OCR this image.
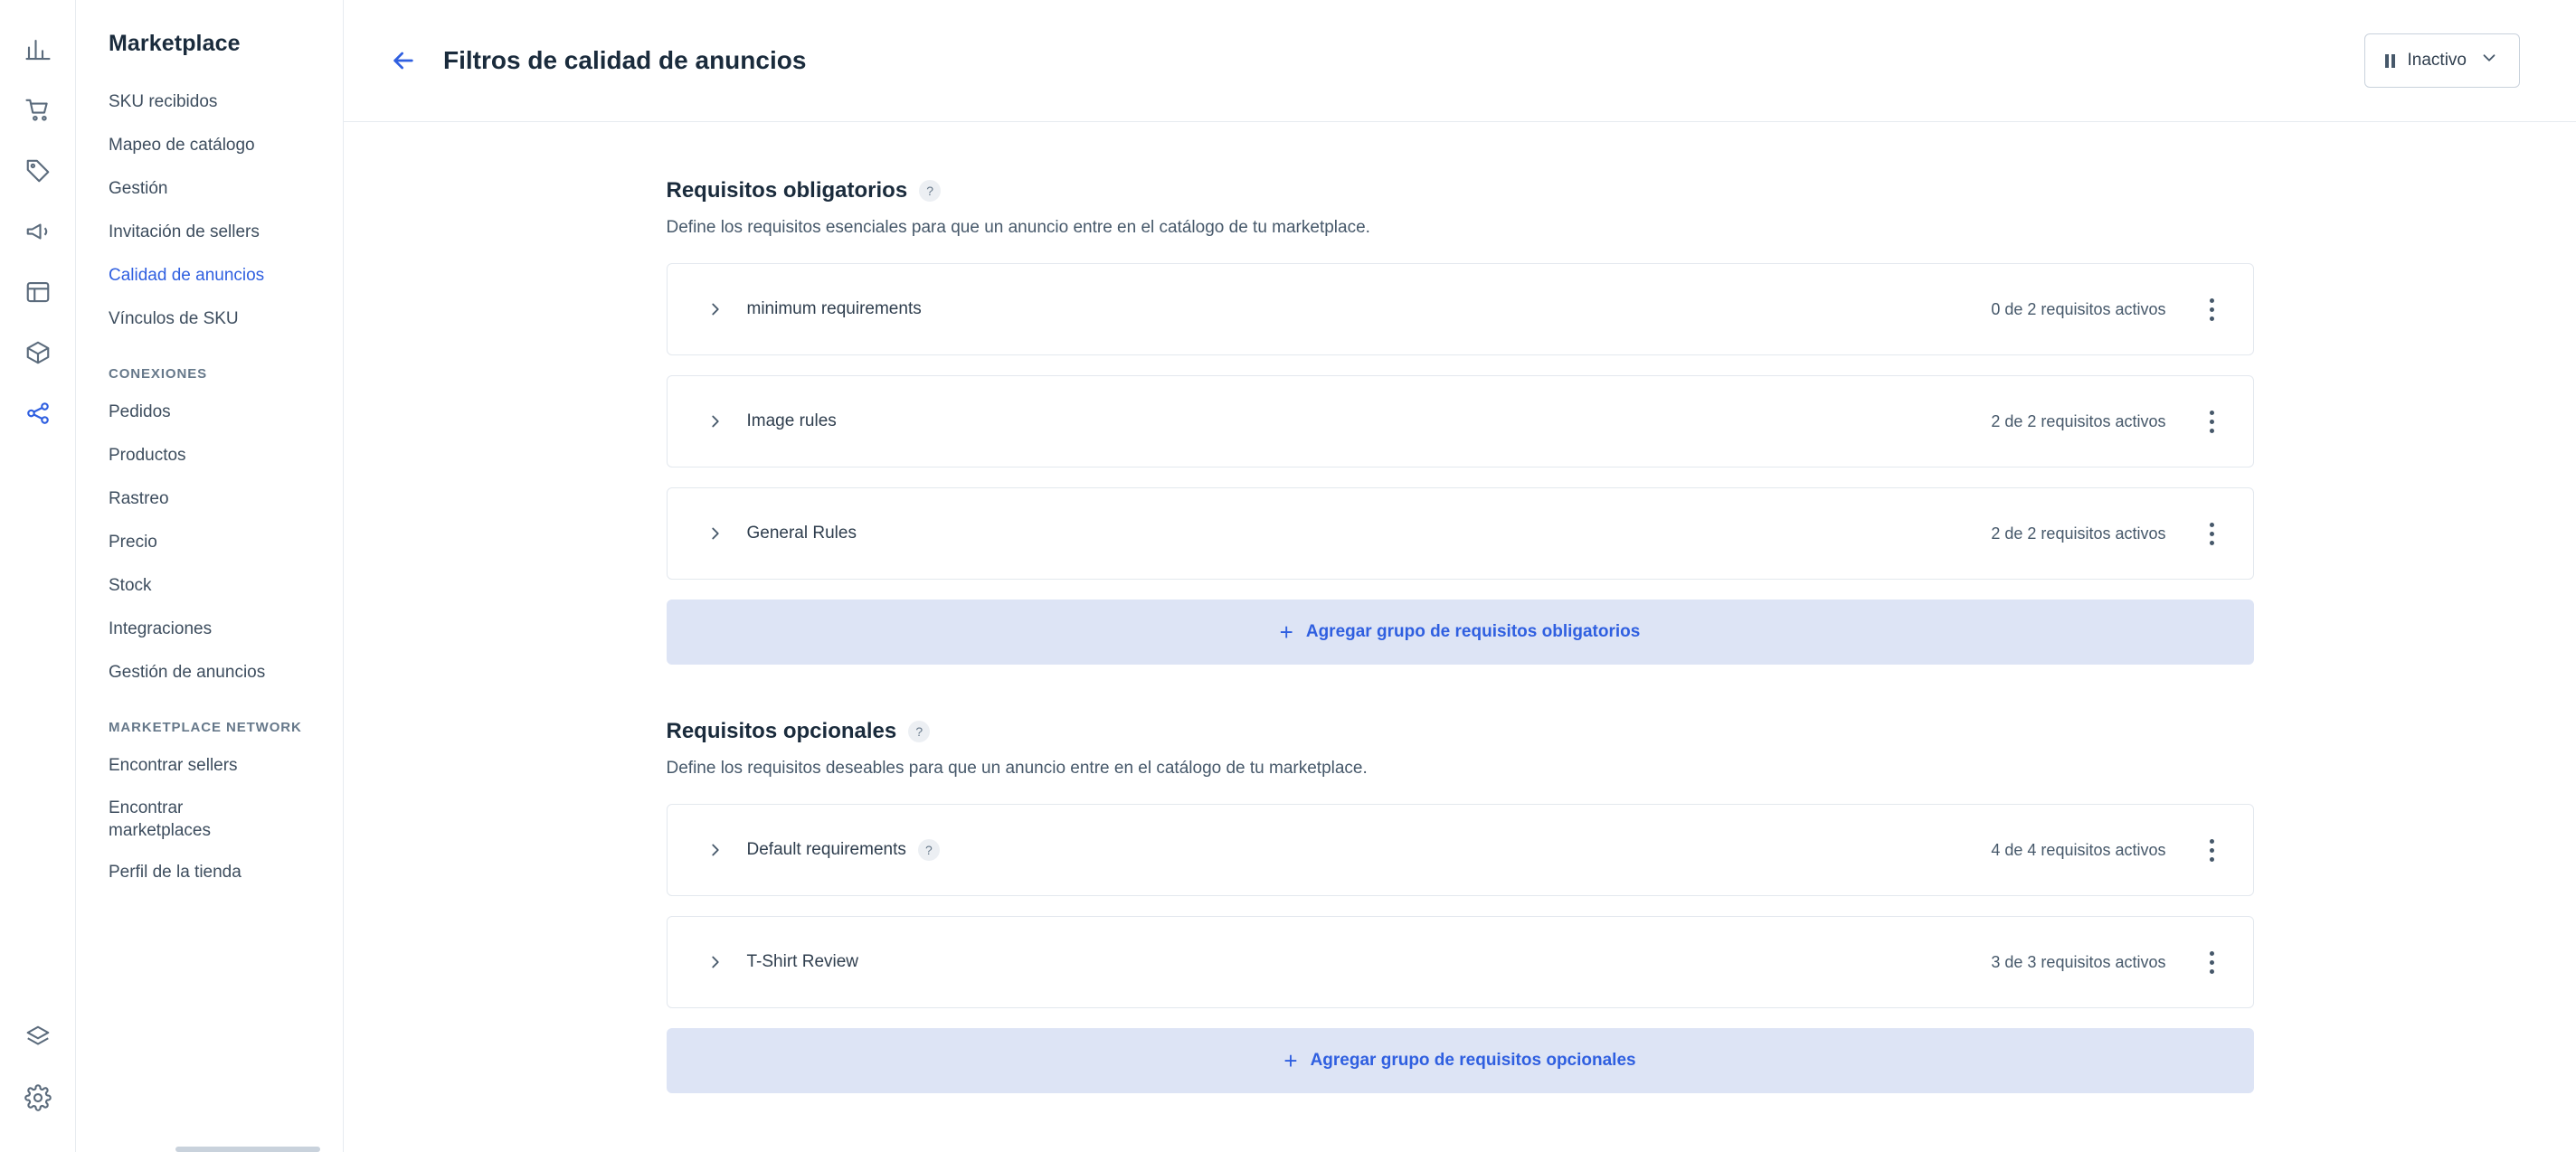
Marketplace
SKU recibidos
Mapeo de catálogo
Gestión
Invitación de sellers
Calidad de anuncios
Vínculos de SKU
CONEXIONES
Pedidos
Productos
Rastreo
Precio
Stock
Integraciones
Gestión de anuncios
MARKETPLACE NETWORK
Encontrar sellers
Encontrar marketplaces
Perfil de la tienda
Filtros de calidad de anuncios	Inactivo
Requisitos obligatorios	?
Define los requisitos esenciales para que un anuncio entre en el catálogo de tu marketplace.
minimum requirements	0 de 2 requisitos activos
Image rules	2 de 2 requisitos activos
General Rules	2 de 2 requisitos activos
+ Agregar grupo de requisitos obligatorios
Requisitos opcionales	?
Define los requisitos deseables para que un anuncio entre en el catálogo de tu marketplace.
Default requirements	?	4 de 4 requisitos activos
T-Shirt Review	3 de 3 requisitos activos
+ Agregar grupo de requisitos opcionales
